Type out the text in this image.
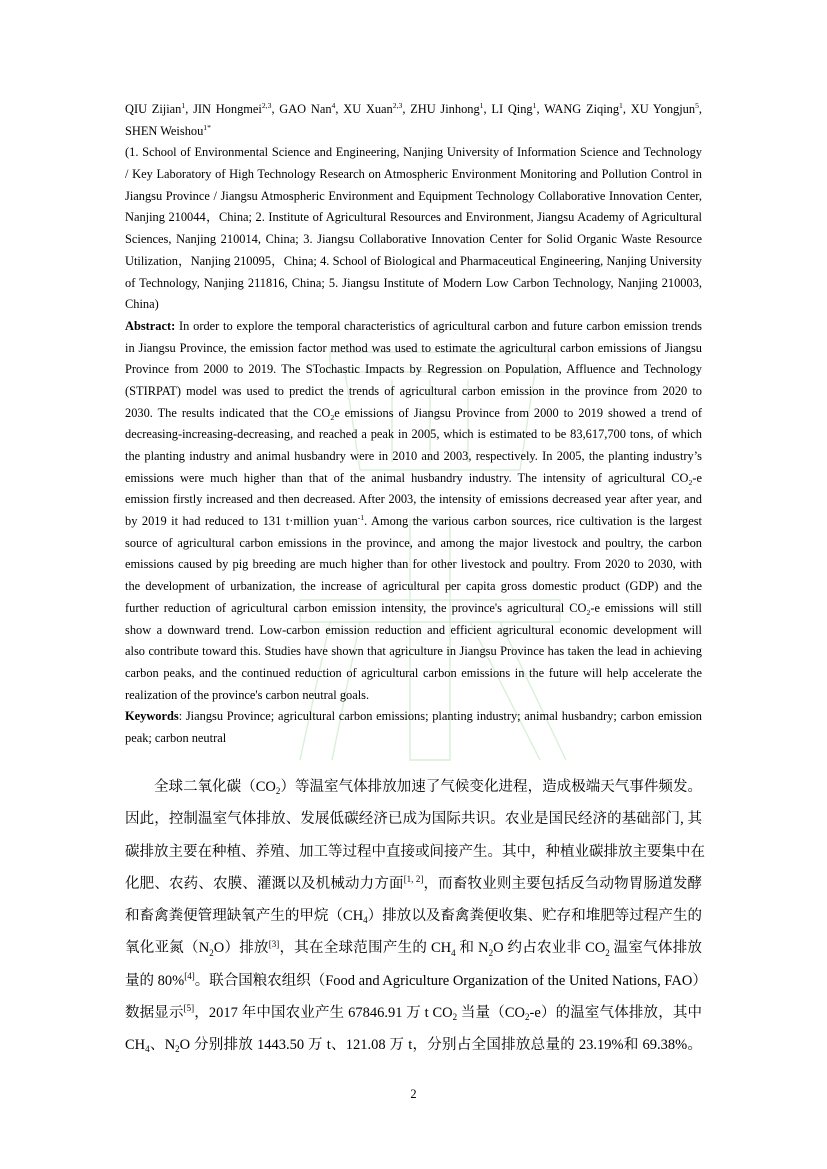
QIU Zijian$^1$, JIN Hongmei$^{2,3}$, GAO Nan$^4$, XU Xuan$^{2,3}$, ZHU Jinhong$^1$, LI Qing$^1$, WANG Ziqing$^1$, XU Yongjun$^5$,
SHEN Weishou$^{1*}$
(1. School of Environmental Science and Engineering, Nanjing University of Information Science and Technology
/ Key Laboratory of High Technology Research on Atmospheric Environment Monitoring and Pollution Control in
Jiangsu Province / Jiangsu Atmospheric Environment and Equipment Technology Collaborative Innovation Center,
Nanjing 210044，China; 2. Institute of Agricultural Resources and Environment, Jiangsu Academy of Agricultural
Sciences, Nanjing 210014, China; 3. Jiangsu Collaborative Innovation Center for Solid Organic Waste Resource
Utilization，Nanjing 210095，China; 4. School of Biological and Pharmaceutical Engineering, Nanjing University
of Technology, Nanjing 211816, China; 5. Jiangsu Institute of Modern Low Carbon Technology, Nanjing 210003,
China)
Abstract: In order to explore the temporal characteristics of agricultural carbon and future carbon emission trends
in Jiangsu Province, the emission factor method was used to estimate the agricultural carbon emissions of Jiangsu
Province from 2000 to 2019. The STochastic Impacts by Regression on Population, Affluence and Technology
(STIRPAT) model was used to predict the trends of agricultural carbon emission in the province from 2020 to
2030. The results indicated that the $CO_2e$ emissions of Jiangsu Province from 2000 to 2019 showed a trend of
decreasing-increasing-decreasing, and reached a peak in 2005, which is estimated to be 83,617,700 tons, of which
the planting industry and animal husbandry were in 2010 and 2003, respectively. In 2005, the planting industry’s
emissions were much higher than that of the animal husbandry industry. The intensity of agricultural $CO_2-e$
emission firstly increased and then decreased. After 2003, the intensity of emissions decreased year after year, and
by 2019 it had reduced to 131 t·million yuan$^{-1}$. Among the various carbon sources, rice cultivation is the largest
source of agricultural carbon emissions in the province, and among the major livestock and poultry, the carbon
emissions caused by pig breeding are much higher than for other livestock and poultry. From 2020 to 2030, with
the development of urbanization, the increase of agricultural per capita gross domestic product (GDP) and the
further reduction of agricultural carbon emission intensity, the province's agricultural $CO_2-e$ emissions will still
show a downward trend. Low-carbon emission reduction and efficient agricultural economic development will
also contribute toward this. Studies have shown that agriculture in Jiangsu Province has taken the lead in achieving
carbon peaks, and the continued reduction of agricultural carbon emissions in the future will help accelerate the
realization of the province's carbon neutral goals.
Keywords: Jiangsu Province; agricultural carbon emissions; planting industry; animal husbandry; carbon emission
peak; carbon neutral
全球二氧化碳$(CO_2)$等温室气体排放加速了气候变化进程，造成极端天气事件频发。
因此，控制温室气体排放、发展低碳经济已成为国际共识。农业是国民经济的基础部门, 其
碳排放主要在种植、养殖、加工等过程中直接或间接产生。其中，种植业碳排放主要集中在
化肥、农药、农膜、灌溉以及机械动力方面[1, 2]，而畜牧业则主要包括反刍动物胃肠道发酵
和畜禽粪便管理缺氧产生的甲烷$(CH_4)$排放以及畜禽粪便收集、贮存和堆肥等过程产生的
氧化亚氮$(N_2O)$排放[3]，其在全球范围产生的 $CH_4$ 和 $N_2O$ 约占农业非 $CO_2$ 温室气体排放
量的 80%[4]。联合国粮农组织（Food and Agriculture Organization of the United Nations, FAO）
数据显示[5]，2017 年中国农业产生 67846.91 万 t $CO_2$ 当量$(CO_2-e)$的温室气体排放，其中
$CH_4$、$N_2O$ 分别排放 1443.50 万 t、121.08 万 t，分别占全国排放总量的 23.19%和 69.38%。
2
